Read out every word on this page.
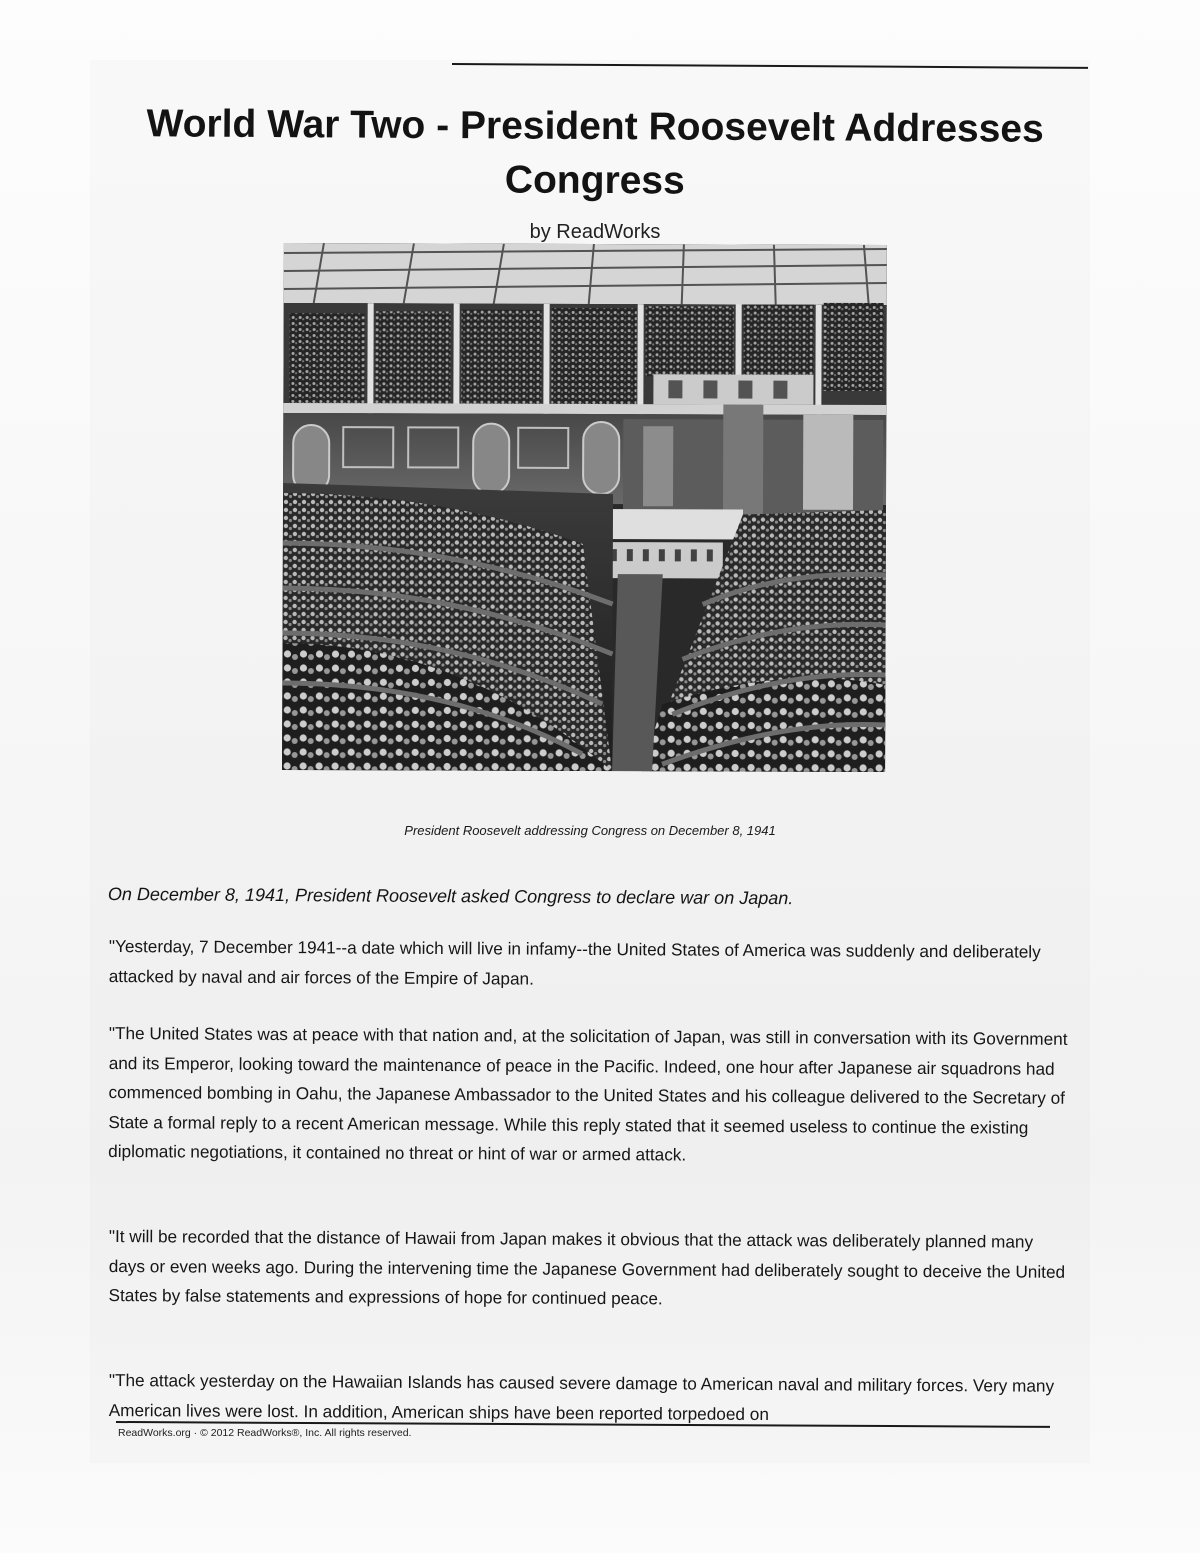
World War Two - President Roosevelt Addresses Congress
by ReadWorks
President Roosevelt addressing Congress on December 8, 1941

On December 8, 1941, President Roosevelt asked Congress to declare war on Japan.

"Yesterday, 7 December 1941--a date which will live in infamy--the United States of America was suddenly and deliberately attacked by naval and air forces of the Empire of Japan.

"The United States was at peace with that nation and, at the solicitation of Japan, was still in conversation with its Government and its Emperor, looking toward the maintenance of peace in the Pacific. Indeed, one hour after Japanese air squadrons had commenced bombing in Oahu, the Japanese Ambassador to the United States and his colleague delivered to the Secretary of State a formal reply to a recent American message. While this reply stated that it seemed useless to continue the existing diplomatic negotiations, it contained no threat or hint of war or armed attack.

"It will be recorded that the distance of Hawaii from Japan makes it obvious that the attack was deliberately planned many days or even weeks ago. During the intervening time the Japanese Government had deliberately sought to deceive the United States by false statements and expressions of hope for continued peace.

"The attack yesterday on the Hawaiian Islands has caused severe damage to American naval and military forces. Very many American lives were lost. In addition, American ships have been reported torpedoed on

ReadWorks.org · © 2012 ReadWorks®, Inc. All rights reserved.
